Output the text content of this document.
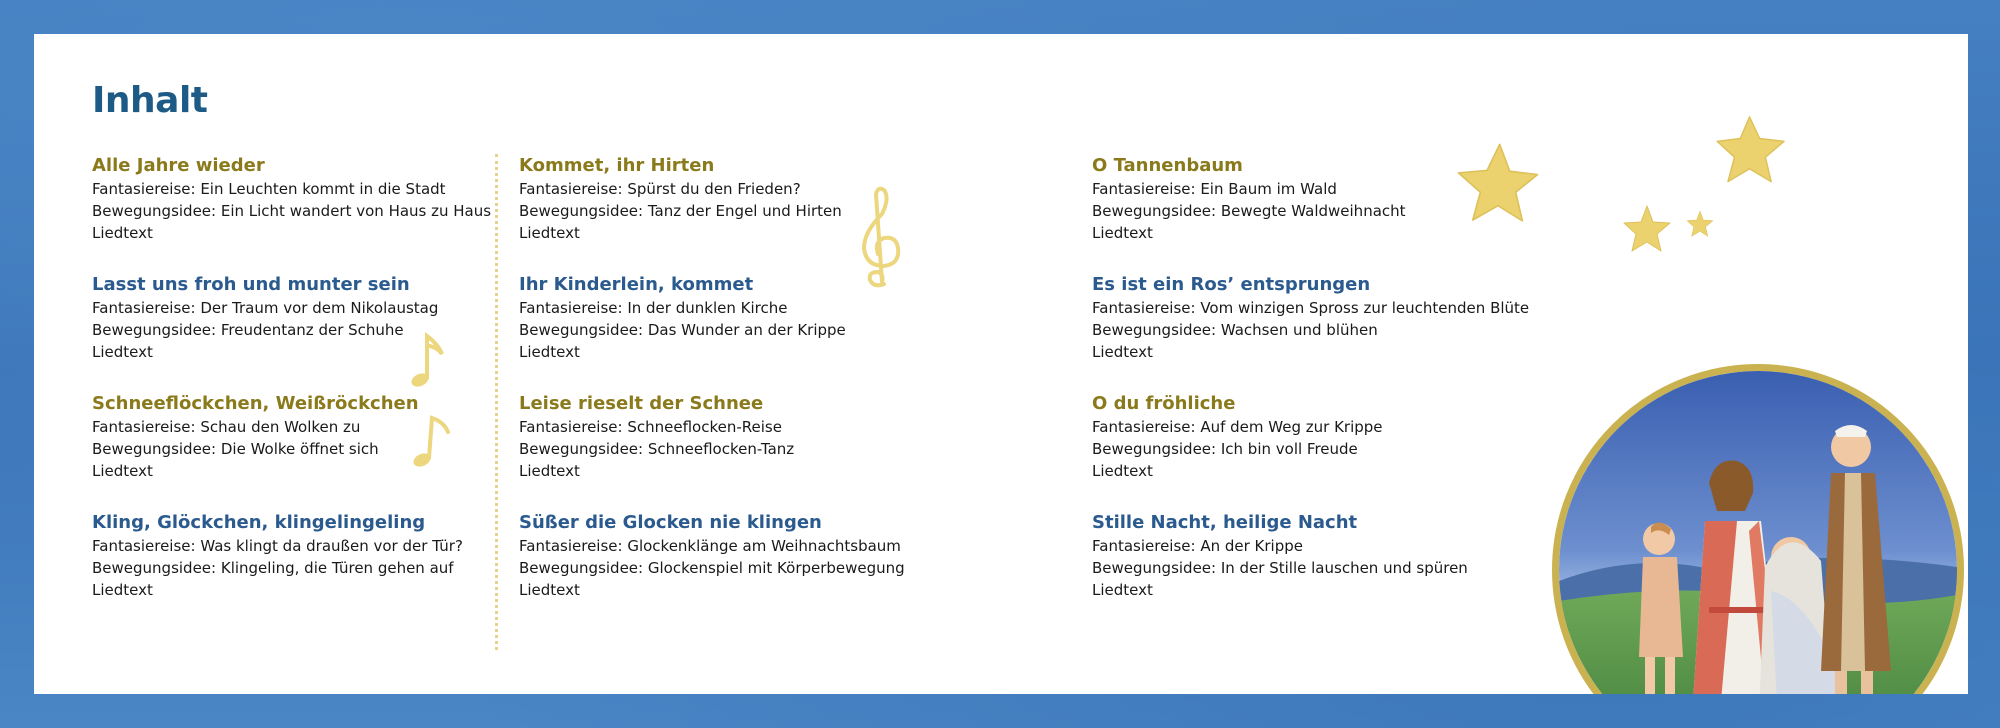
Inhalt

Alle Jahre wieder

Fantasiereise: Ein Leuchten kommt in die Stadt

Bewegungsidee: Ein Licht wandert von Haus zu Haus

Liedtext

Lasst uns froh und munter sein

Fantasiereise: Der Traum vor dem Nikolaustag

Bewegungsidee: Freudentanz der Schuhe

Liedtext

Schneeflöckchen, Weißröckchen

Fantasiereise: Schau den Wolken zu

Bewegungsidee: Die Wolke öffnet sich

Liedtext

Kling, Glöckchen, klingelingeling

Fantasiereise: Was klingt da draußen vor der Tür?

Bewegungsidee: Klingeling, die Türen gehen auf

Liedtext

Kommet, ihr Hirten

Fantasiereise: Spürst du den Frieden?

Bewegungsidee: Tanz der Engel und Hirten

Liedtext

Ihr Kinderlein, kommet

Fantasiereise: In der dunklen Kirche

Bewegungsidee: Das Wunder an der Krippe

Liedtext

Leise rieselt der Schnee

Fantasiereise: Schneeflocken-Reise

Bewegungsidee: Schneeflocken-Tanz

Liedtext

Süßer die Glocken nie klingen

Fantasiereise: Glockenklänge am Weihnachtsbaum

Bewegungsidee: Glockenspiel mit Körperbewegung

Liedtext

O Tannenbaum

Fantasiereise: Ein Baum im Wald

Bewegungsidee: Bewegte Waldweihnacht

Liedtext

Es ist ein Ros’ entsprungen

Fantasiereise: Vom winzigen Spross zur leuchtenden Blüte

Bewegungsidee: Wachsen und blühen

Liedtext

O du fröhliche

Fantasiereise: Auf dem Weg zur Krippe

Bewegungsidee: Ich bin voll Freude

Liedtext

Stille Nacht, heilige Nacht

Fantasiereise: An der Krippe

Bewegungsidee: In der Stille lauschen und spüren

Liedtext
